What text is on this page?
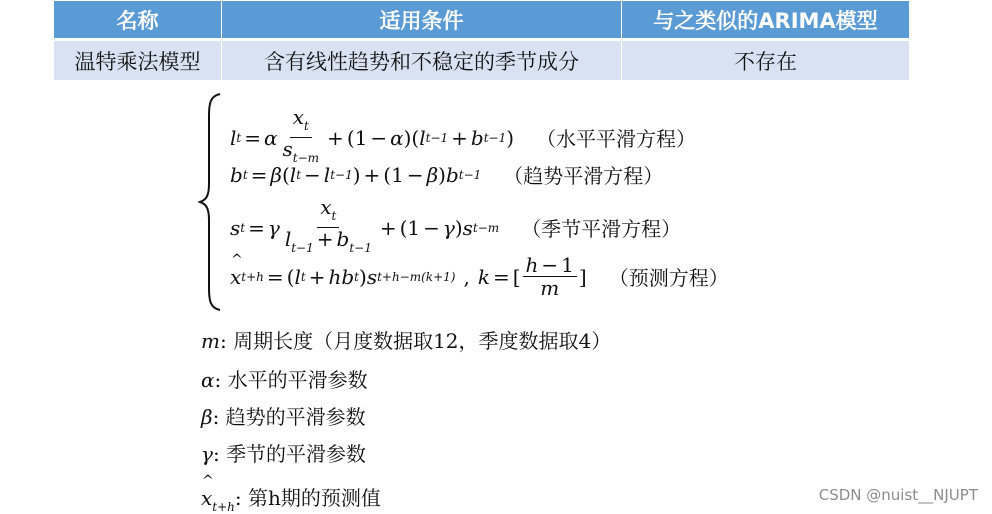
名称	适用条件	与之类似的ARIMA模型
温特乘法模型	含有线性趋势和不稳定的季节成分	不存在
l t = α $\frac{x_t}{s_{t-m}} + (1 - \alpha$ )( l t−1 + b t−1 ) （水平平滑方程）
b t = β ( l t − l t−1 ) + (1 − β ) b t−1 （趋势平滑方程）
s t = γ $\frac{x_t}{l_{t-1} + b_{t-1}} + (1 - \gamma$ ) s t−m （季节平滑方程）
^ x t+h = ( l t + h b t ) s t+h−m(k+1) , k = [ $\frac{h - 1}{m}$ ] （预测方程）
m: 周期长度（月度数据取12，季度数据取4）
α: 水平的平滑参数
β: 趋势的平滑参数
γ: 季节的平滑参数
^ $x_{t+h}$: 第h期的预测值	CSDN @nuist__NJUPT
